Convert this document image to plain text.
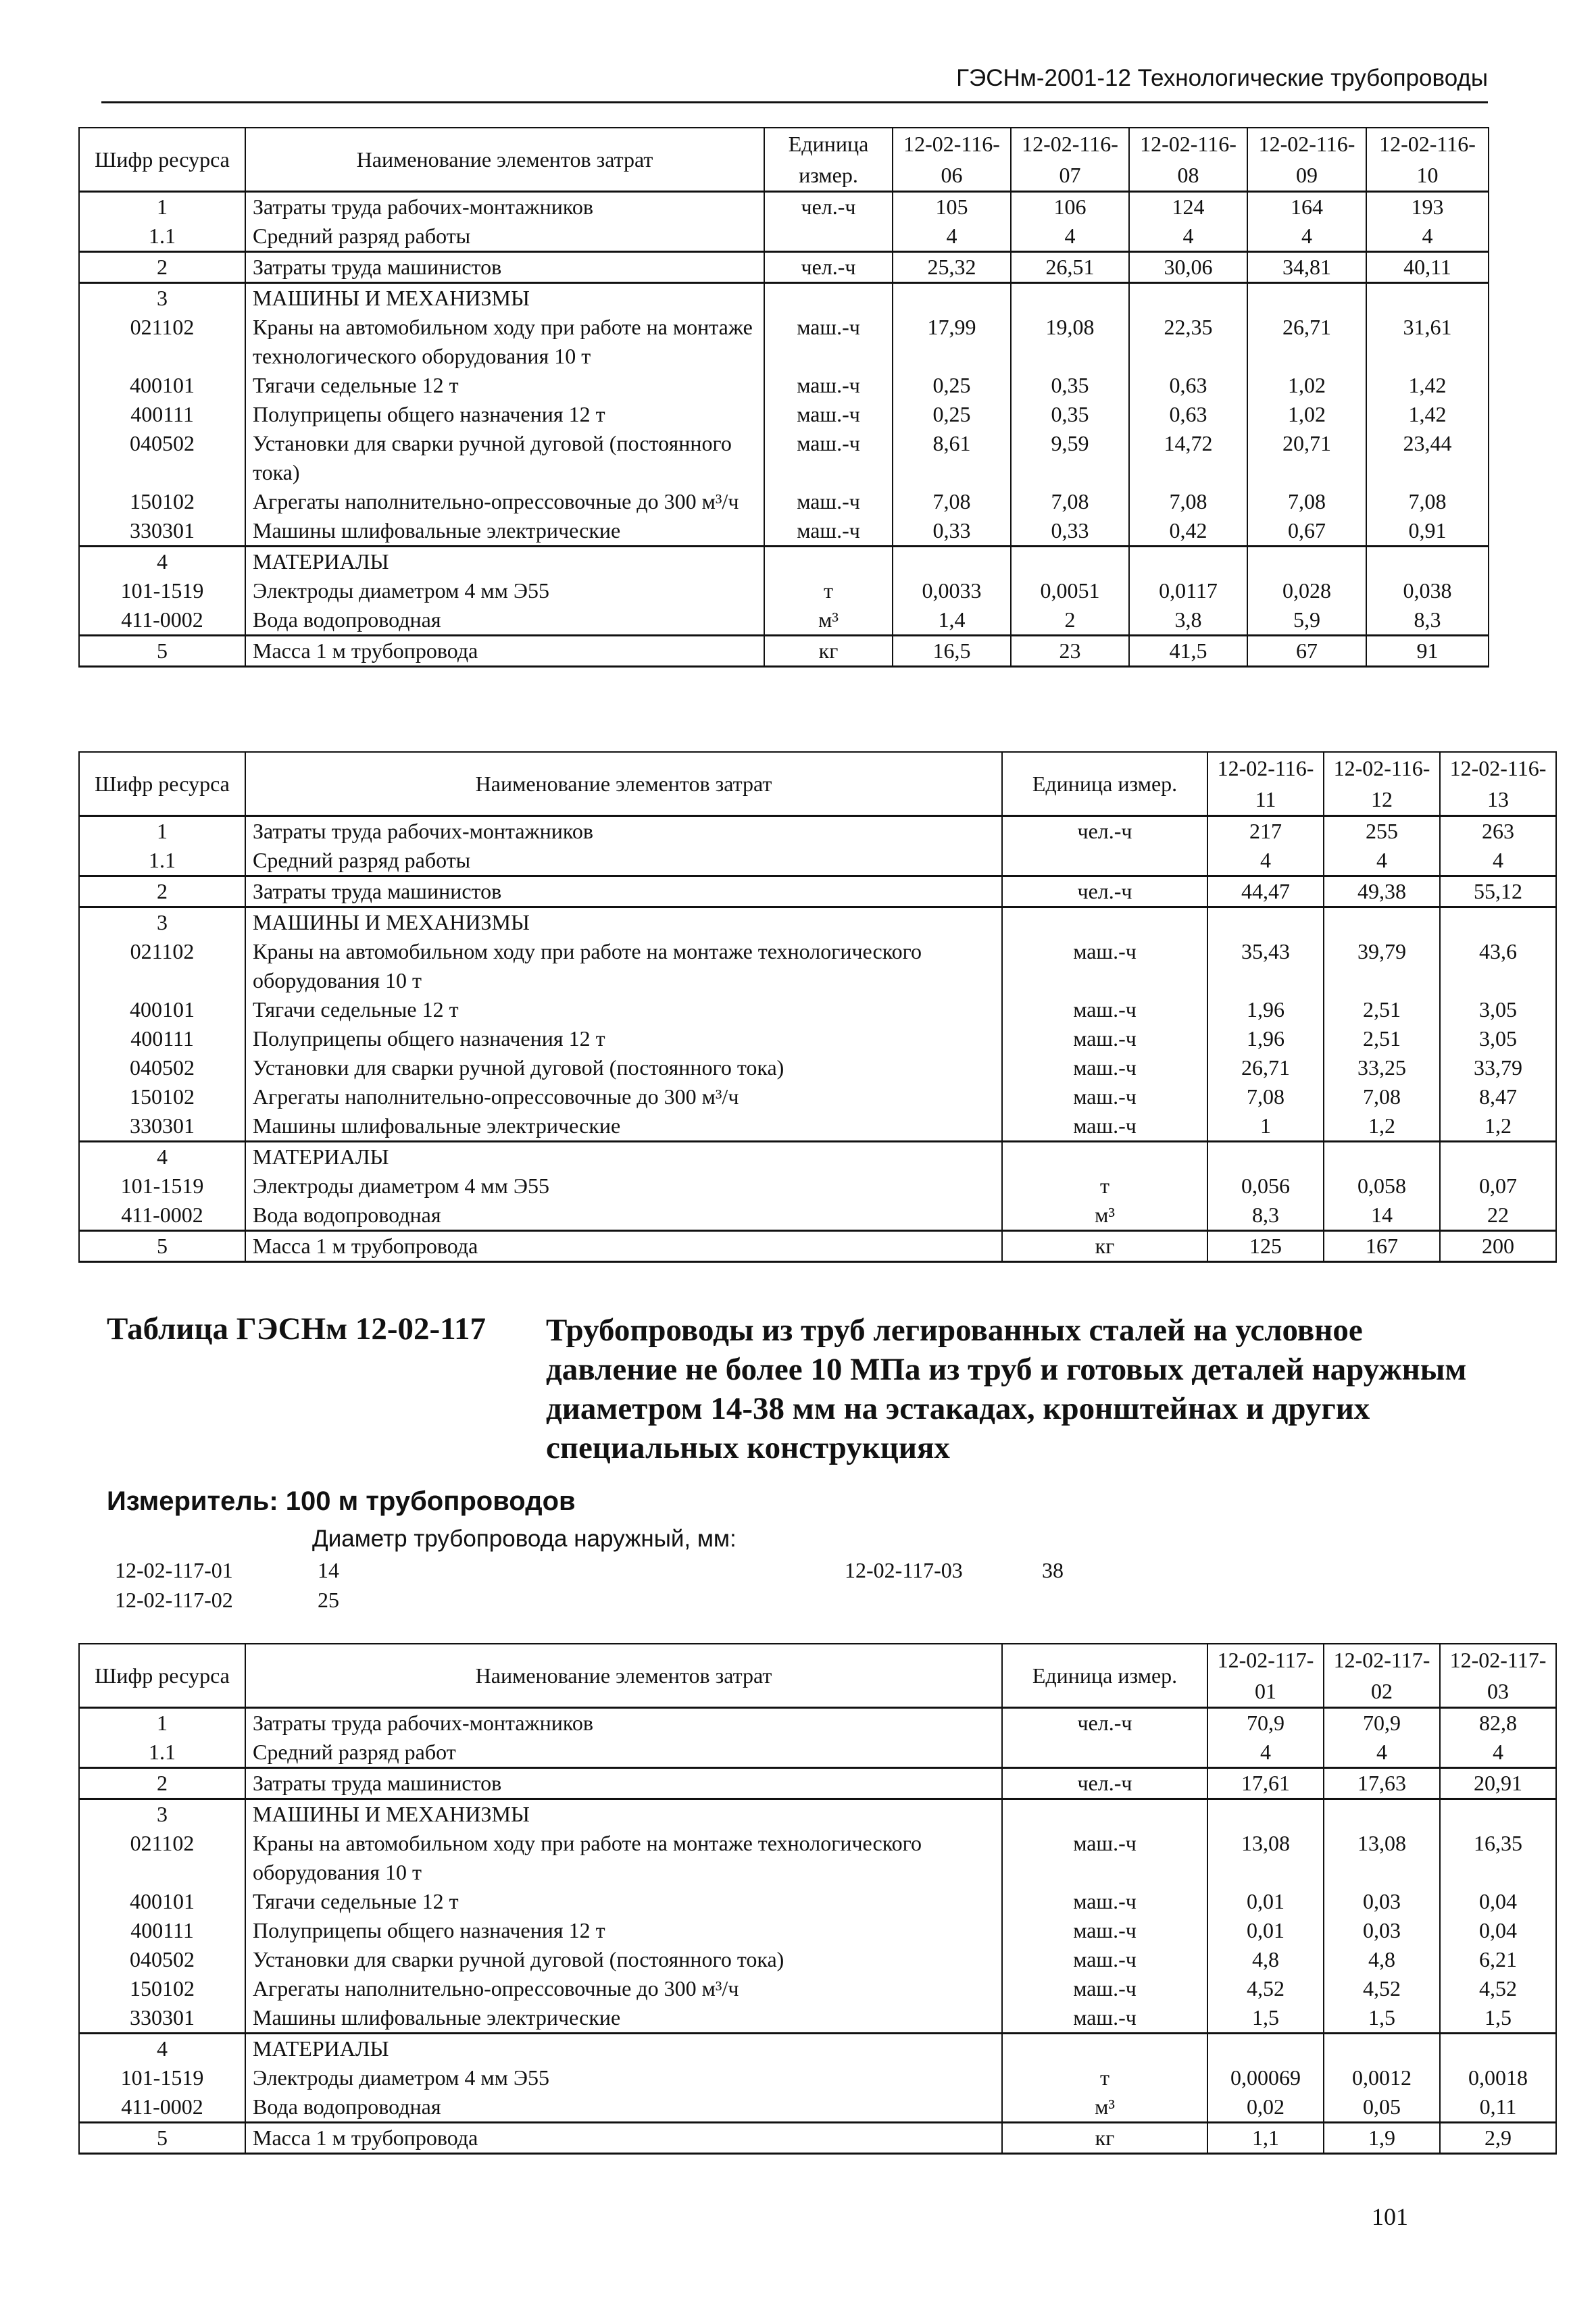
ГЭСНм-2001-12 Технологические трубопроводы
Шифр ресурса	Наименование элементов затрат	Единица измер.	12-02-116-06	12-02-116-07	12-02-116-08	12-02-116-09	12-02-116-10
1	Затраты труда рабочих-монтажников	чел.-ч	105	106	124	164	193
1.1	Средний разряд работы		4	4	4	4	4
2	Затраты труда машинистов	чел.-ч	25,32	26,51	30,06	34,81	40,11
3	МАШИНЫ И МЕХАНИЗМЫ						
021102	Краны на автомобильном ходу при работе на монтаже технологического оборудования 10 т	маш.-ч	17,99	19,08	22,35	26,71	31,61
400101	Тягачи седельные 12 т	маш.-ч	0,25	0,35	0,63	1,02	1,42
400111	Полуприцепы общего назначения 12 т	маш.-ч	0,25	0,35	0,63	1,02	1,42
040502	Установки для сварки ручной дуговой (постоянного тока)	маш.-ч	8,61	9,59	14,72	20,71	23,44
150102	Агрегаты наполнительно-опрессовочные до 300 м³/ч	маш.-ч	7,08	7,08	7,08	7,08	7,08
330301	Машины шлифовальные электрические	маш.-ч	0,33	0,33	0,42	0,67	0,91
4	МАТЕРИАЛЫ						
101-1519	Электроды диаметром 4 мм Э55	т	0,0033	0,0051	0,0117	0,028	0,038
411-0002	Вода водопроводная	м³	1,4	2	3,8	5,9	8,3
5	Масса 1 м трубопровода	кг	16,5	23	41,5	67	91
Шифр ресурса	Наименование элементов затрат	Единица измер.	12-02-116-11	12-02-116-12	12-02-116-13
1	Затраты труда рабочих-монтажников	чел.-ч	217	255	263
1.1	Средний разряд работы		4	4	4
2	Затраты труда машинистов	чел.-ч	44,47	49,38	55,12
3	МАШИНЫ И МЕХАНИЗМЫ				
021102	Краны на автомобильном ходу при работе на монтаже технологического оборудования 10 т	маш.-ч	35,43	39,79	43,6
400101	Тягачи седельные 12 т	маш.-ч	1,96	2,51	3,05
400111	Полуприцепы общего назначения 12 т	маш.-ч	1,96	2,51	3,05
040502	Установки для сварки ручной дуговой (постоянного тока)	маш.-ч	26,71	33,25	33,79
150102	Агрегаты наполнительно-опрессовочные до 300 м³/ч	маш.-ч	7,08	7,08	8,47
330301	Машины шлифовальные электрические	маш.-ч	1	1,2	1,2
4	МАТЕРИАЛЫ				
101-1519	Электроды диаметром 4 мм Э55	т	0,056	0,058	0,07
411-0002	Вода водопроводная	м³	8,3	14	22
5	Масса 1 м трубопровода	кг	125	167	200
Таблица ГЭСНм 12-02-117 Трубопроводы из труб легированных сталей на условное давление не более 10 МПа из труб и готовых деталей наружным диаметром 14-38 мм на эстакадах, кронштейнах и других специальных конструкциях
Измеритель: 100 м трубопроводов
Диаметр трубопровода наружный, мм:
12-02-117-01	14
12-02-117-02	25
12-02-117-03	38
Шифр ресурса	Наименование элементов затрат	Единица измер.	12-02-117-01	12-02-117-02	12-02-117-03
1	Затраты труда рабочих-монтажников	чел.-ч	70,9	70,9	82,8
1.1	Средний разряд работ		4	4	4
2	Затраты труда машинистов	чел.-ч	17,61	17,63	20,91
3	МАШИНЫ И МЕХАНИЗМЫ				
021102	Краны на автомобильном ходу при работе на монтаже технологического оборудования 10 т	маш.-ч	13,08	13,08	16,35
400101	Тягачи седельные 12 т	маш.-ч	0,01	0,03	0,04
400111	Полуприцепы общего назначения 12 т	маш.-ч	0,01	0,03	0,04
040502	Установки для сварки ручной дуговой (постоянного тока)	маш.-ч	4,8	4,8	6,21
150102	Агрегаты наполнительно-опрессовочные до 300 м³/ч	маш.-ч	4,52	4,52	4,52
330301	Машины шлифовальные электрические	маш.-ч	1,5	1,5	1,5
4	МАТЕРИАЛЫ				
101-1519	Электроды диаметром 4 мм Э55	т	0,00069	0,0012	0,0018
411-0002	Вода водопроводная	м³	0,02	0,05	0,11
5	Масса 1 м трубопровода	кг	1,1	1,9	2,9
101
